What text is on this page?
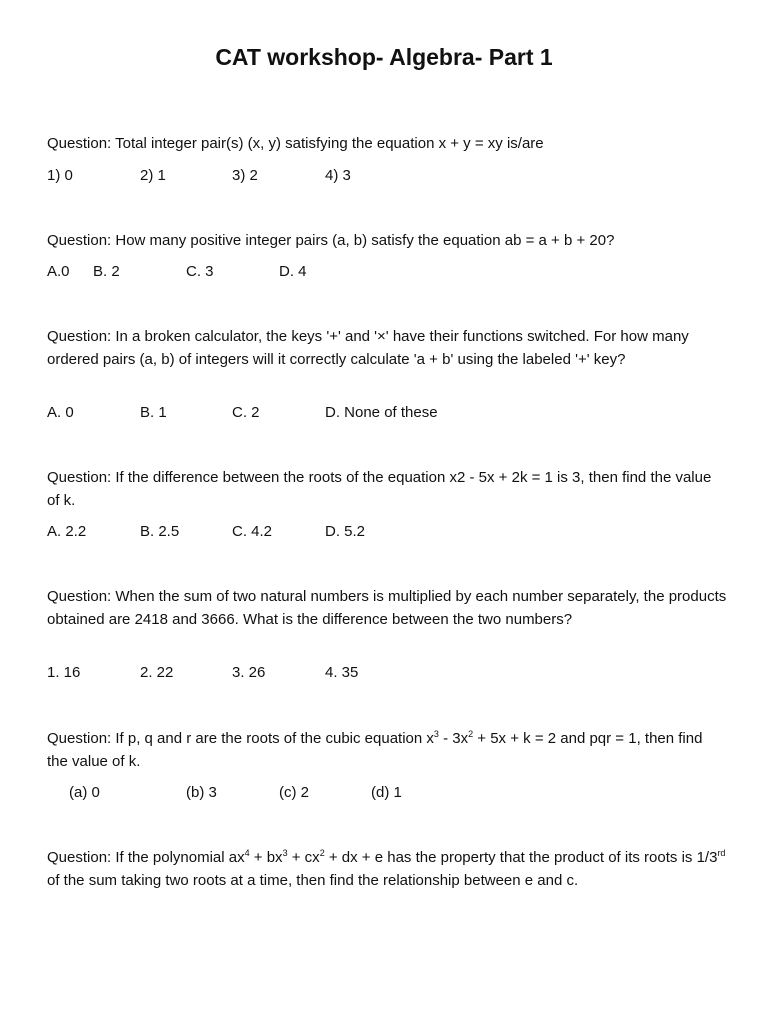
CAT workshop- Algebra- Part 1
Question: Total integer pair(s) (x, y) satisfying the equation x + y = xy is/are
1) 0	2) 1	3) 2	4) 3
Question: How many positive integer pairs (a, b) satisfy the equation ab = a + b + 20?
A.0 B. 2	C. 3	D. 4
Question: In a broken calculator, the keys '+' and '×' have their functions switched. For how many ordered pairs (a, b) of integers will it correctly calculate 'a + b' using the labeled '+' key?
A. 0	B. 1	C. 2	D. None of these
Question: If the difference between the roots of the equation x2 - 5x + 2k = 1 is 3, then find the value of k.
A. 2.2	B. 2.5	C. 4.2	D. 5.2
Question: When the sum of two natural numbers is multiplied by each number separately, the products obtained are 2418 and 3666. What is the difference between the two numbers?
1. 16	2. 22	3. 26	4. 35
Question: If p, q and r are the roots of the cubic equation $x^3 - 3x^2 + 5x + k = 2$ and pqr = 1, then find the value of k.
(a) 0	(b) 3	(c) 2	(d) 1
Question: If the polynomial $ax^4 + bx^3 + cx^2$ + dx + e has the property that the product of its roots is 1/3rd of the sum taking two roots at a time, then find the relationship between e and c.
